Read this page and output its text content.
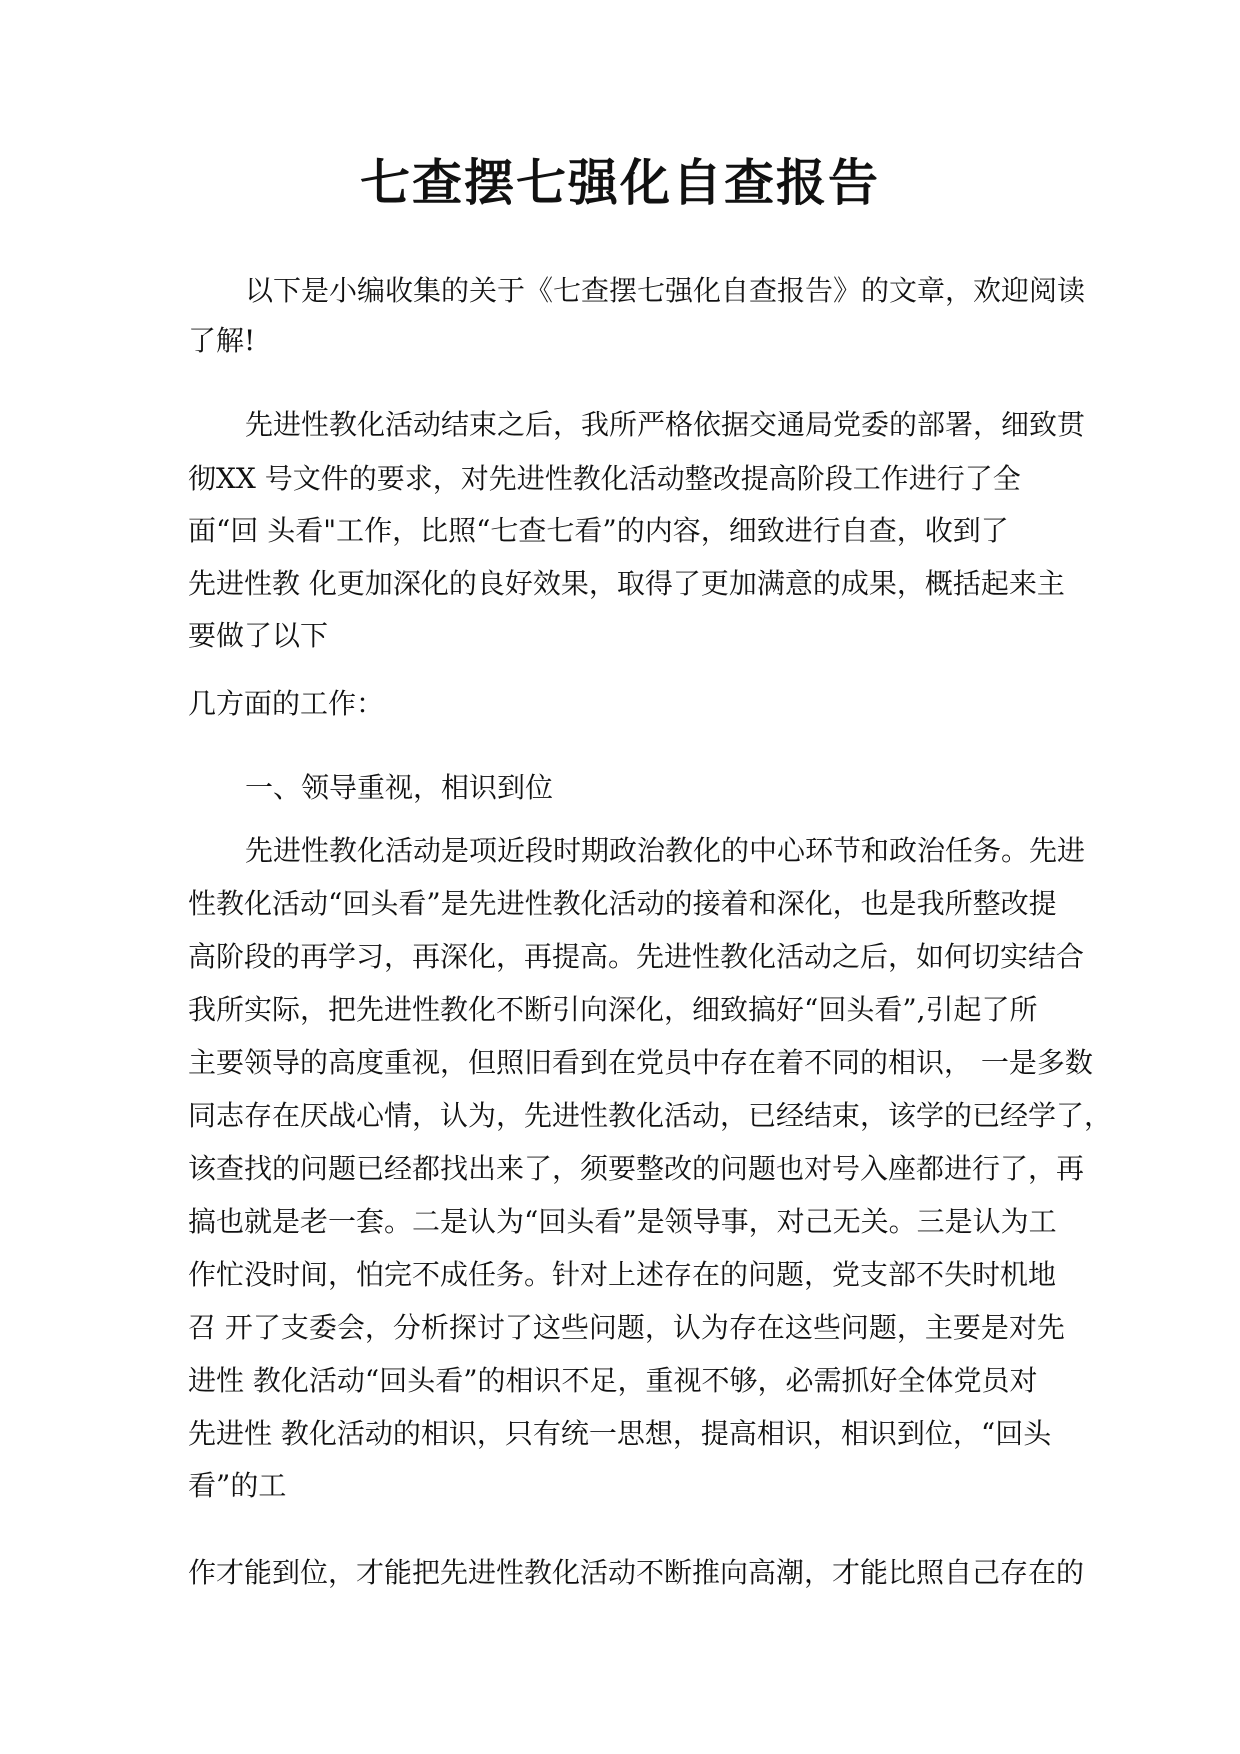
七查摆七强化自查报告
以下是小编收集的关于《七查摆七强化自查报告》的文章，欢迎阅读
了解!
先进性教化活动结束之后，我所严格依据交通局党委的部署，细致贯
彻XX 号文件的要求，对先进性教化活动整改提高阶段工作进行了全
面“回 头看"工作，比照“七查七看”的内容，细致进行自查，收到了
先进性教 化更加深化的良好效果，取得了更加满意的成果，概括起来主
要做了以下
几方面的工作：
一、领导重视，相识到位
先进性教化活动是项近段时期政治教化的中心环节和政治任务。先进
性教化活动“回头看”是先进性教化活动的接着和深化，也是我所整改提
高阶段的再学习，再深化，再提高。先进性教化活动之后，如何切实结合
我所实际，把先进性教化不断引向深化，细致搞好“回头看”,引起了所
主要领导的高度重视，但照旧看到在党员中存在着不同的相识， 一是多数
同志存在厌战心情，认为，先进性教化活动，已经结束，该学的已经学了，
该查找的问题已经都找出来了，须要整改的问题也对号入座都进行了，再
搞也就是老一套。二是认为“回头看”是领导事，对己无关。三是认为工
作忙没时间，怕完不成任务。针对上述存在的问题，党支部不失时机地
召 开了支委会，分析探讨了这些问题，认为存在这些问题，主要是对先
进性 教化活动“回头看”的相识不足，重视不够，必需抓好全体党员对
先进性 教化活动的相识，只有统一思想，提高相识，相识到位，“回头
看”的工
作才能到位，才能把先进性教化活动不断推向高潮，才能比照自己存在的
